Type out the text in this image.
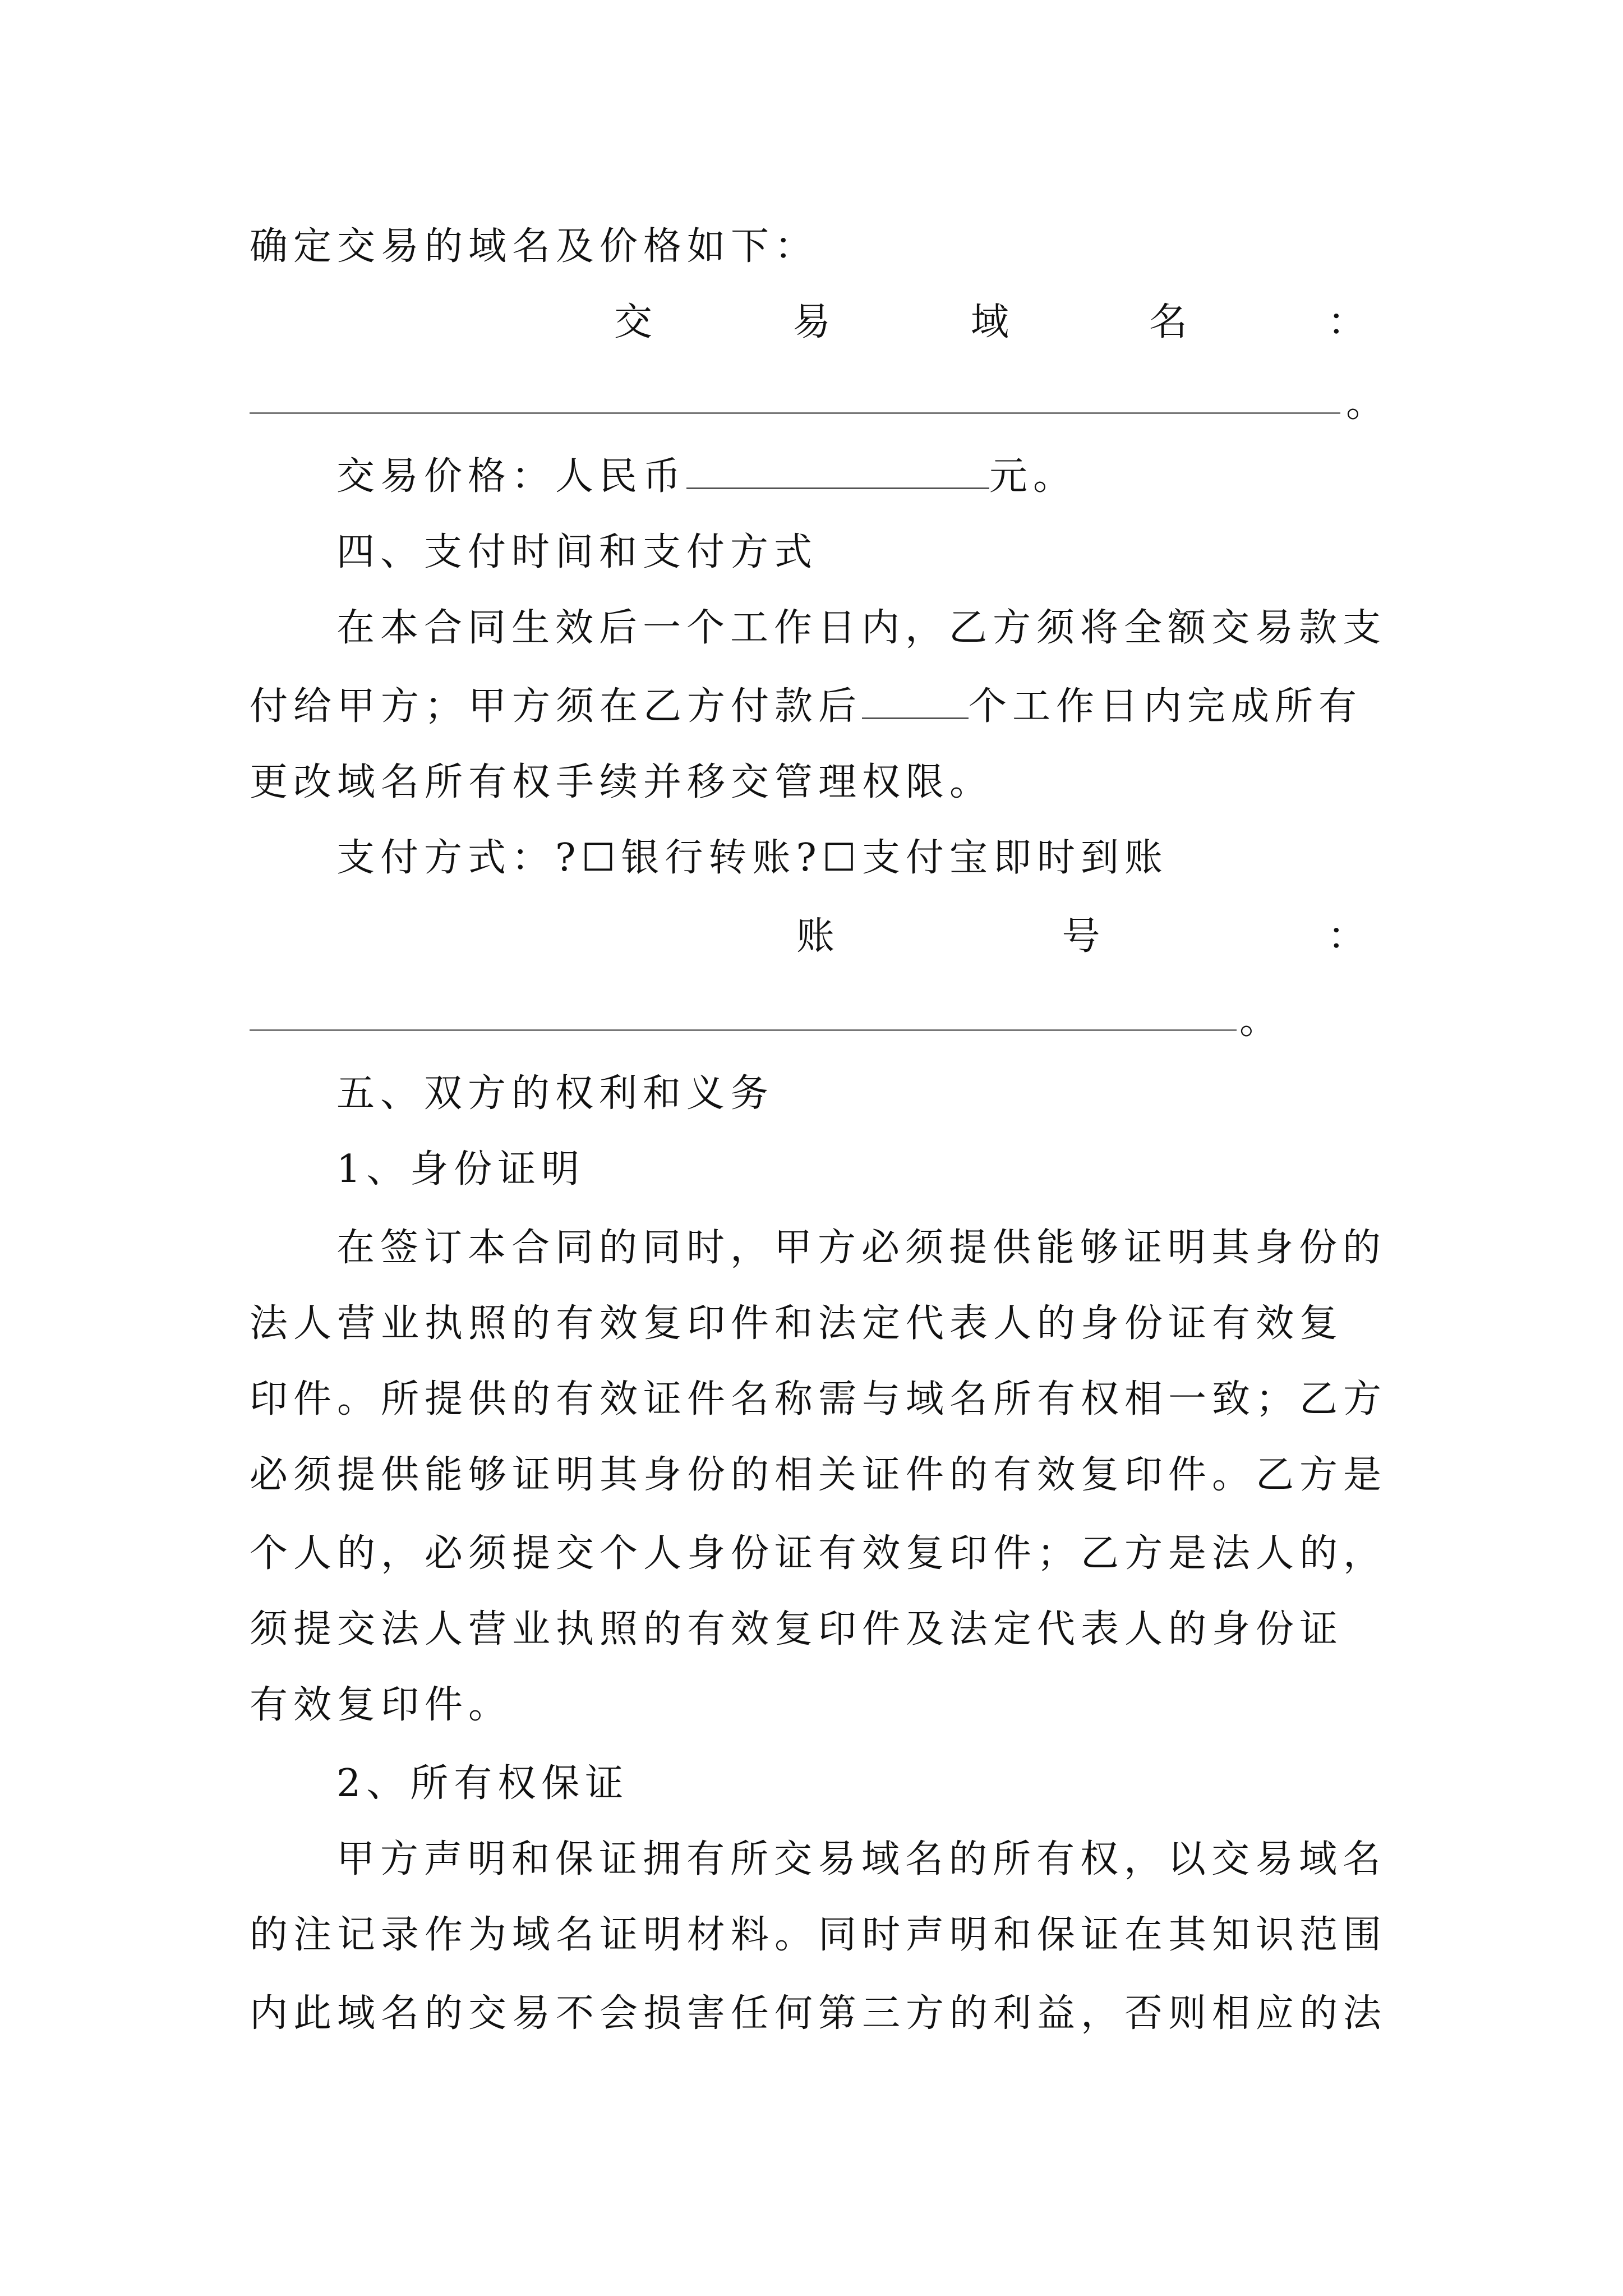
确定交易的域名及价格如下：
交	易	域	名	：
。
交易价格：人民币	元。
四、支付时间和支付方式
在本合同生效后一个工作日内，乙方须将全额交易款支
付给甲方；甲方须在乙方付款后	个工作日内完成所有
更改域名所有权手续并移交管理权限。
支付方式：?☐银行转账?☐支付宝即时到账
账	号	：
。
五、双方的权利和义务
1、身份证明
在签订本合同的同时，甲方必须提供能够证明其身份的
法人营业执照的有效复印件和法定代表人的身份证有效复
印件。所提供的有效证件名称需与域名所有权相一致；乙方
必须提供能够证明其身份的相关证件的有效复印件。乙方是
个人的，必须提交个人身份证有效复印件；乙方是法人的，
须提交法人营业执照的有效复印件及法定代表人的身份证
有效复印件。
2、所有权保证
甲方声明和保证拥有所交易域名的所有权，以交易域名
的注记录作为域名证明材料。同时声明和保证在其知识范围
内此域名的交易不会损害任何第三方的利益，否则相应的法
